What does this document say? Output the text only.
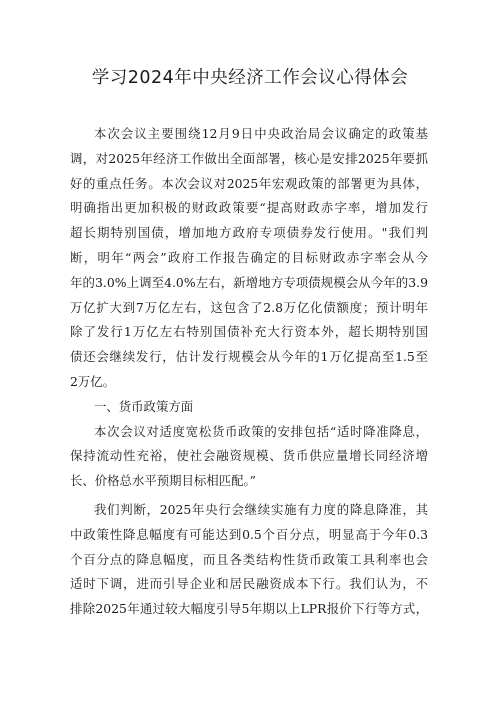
学习2024年中央经济工作会议心得体会
本次会议主要围绕12月9日中央政治局会议确定的政策基
调，对2025年经济工作做出全面部署，核心是安排2025年要抓
好的重点任务。本次会议对2025年宏观政策的部署更为具体，
明确指出更加积极的财政政策要“提高财政赤字率，增加发行
超长期特别国债，增加地方政府专项债券发行使用。"我们判
断，明年“两会”政府工作报告确定的目标财政赤字率会从今
年的3.0%上调至4.0%左右，新增地方专项债规模会从今年的3.9
万亿扩大到7万亿左右，这包含了2.8万亿化债额度；预计明年
除了发行1万亿左右特别国债补充大行资本外，超长期特别国
债还会继续发行，估计发行规模会从今年的1万亿提高至1.5至
2万亿。
一、货币政策方面
本次会议对适度宽松货币政策的安排包括“适时降准降息，
保持流动性充裕，使社会融资规模、货币供应量增长同经济增
长、价格总水平预期目标相匹配。”
我们判断，2025年央行会继续实施有力度的降息降准，其
中政策性降息幅度有可能达到0.5个百分点，明显高于今年0.3
个百分点的降息幅度，而且各类结构性货币政策工具利率也会
适时下调，进而引导企业和居民融资成本下行。我们认为，不
排除2025年通过较大幅度引导5年期以上LPR报价下行等方式，
